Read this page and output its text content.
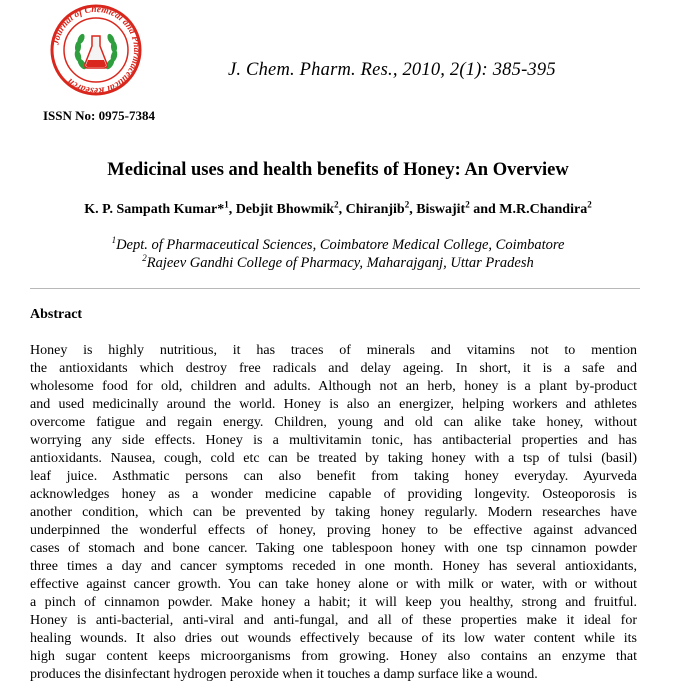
Journal of Chemical and Pharmaceutical Research
ISSN No: 0975-7384
J. Chem. Pharm. Res., 2010, 2(1): 385-395
Medicinal uses and health benefits of Honey: An Overview
K. P. Sampath Kumar*$^1$, Debjit Bhowmik$^2$, Chiranjib$^2$, Biswajit$^2$ and M.R.Chandira$^2$
$^1$Dept. of Pharmaceutical Sciences, Coimbatore Medical College, Coimbatore
$^2$Rajeev Gandhi College of Pharmacy, Maharajganj, Uttar Pradesh
Abstract
Honey is highly nutritious, it has traces of minerals and vitamins not to mention
the antioxidants which destroy free radicals and delay ageing. In short, it is a safe and
wholesome food for old, children and adults. Although not an herb, honey is a plant by-product
and used medicinally around the world. Honey is also an energizer, helping workers and athletes
overcome fatigue and regain energy. Children, young and old can alike take honey, without
worrying any side effects. Honey is a multivitamin tonic, has antibacterial properties and has
antioxidants. Nausea, cough, cold etc can be treated by taking honey with a tsp of tulsi (basil)
leaf juice. Asthmatic persons can also benefit from taking honey everyday. Ayurveda
acknowledges honey as a wonder medicine capable of providing longevity. Osteoporosis is
another condition, which can be prevented by taking honey regularly. Modern researches have
underpinned the wonderful effects of honey, proving honey to be effective against advanced
cases of stomach and bone cancer. Taking one tablespoon honey with one tsp cinnamon powder
three times a day and cancer symptoms receded in one month. Honey has several antioxidants,
effective against cancer growth. You can take honey alone or with milk or water, with or without
a pinch of cinnamon powder. Make honey a habit; it will keep you healthy, strong and fruitful.
Honey is anti-bacterial, anti-viral and anti-fungal, and all of these properties make it ideal for
healing wounds. It also dries out wounds effectively because of its low water content while its
high sugar content keeps microorganisms from growing. Honey also contains an enzyme that
produces the disinfectant hydrogen peroxide when it touches a damp surface like a wound.
